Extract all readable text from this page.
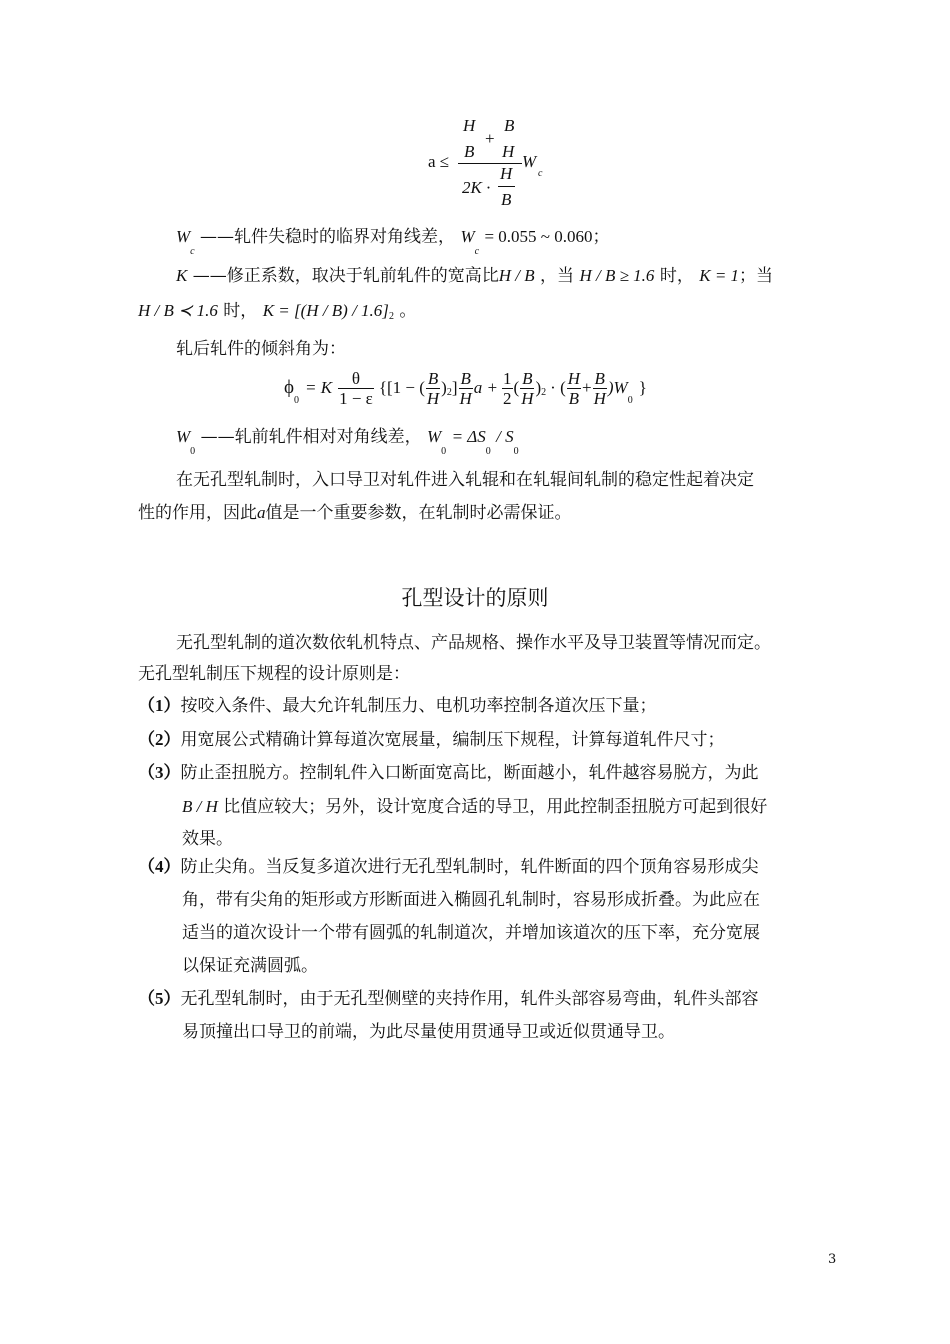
H
+
B
a ≤
B H
W
c
2K ·
H
B
$W_c$ ——轧件失稳时的临界对角线差， $W_c = 0.055$ ~ 0.060；
K ——修正系数，取决于轧前轧件的宽高比H / B ，当 H / B ≥ 1.6 时， K = 1；当
H / B ≺ 1.6 时， K = [(H / B) / 1.6]2 。
轧后轧件的倾斜角为：
ϕ
0
= K $\frac{\theta}{1 - \varepsilon} \{[1$ − ( $\frac{B}{H}$ ) 2 ] $\frac{B}{H}$ $a + \frac{1}{2}$ ( $\frac{B}{H}$ ) 2 · ( $\frac{H}{B} + \frac{B}{H} )W$
0
}
$W_0$ ——轧前轧件相对对角线差， $W_0 = \Delta S_0 / S_0$
在无孔型轧制时，入口导卫对轧件进入轧辊和在轧辊间轧制的稳定性起着决定
性的作用，因此a值是一个重要参数，在轧制时必需保证。
孔型设计的原则
无孔型轧制的道次数依轧机特点、产品规格、操作水平及导卫装置等情况而定。
无孔型轧制压下规程的设计原则是：
（1）按咬入条件、最大允许轧制压力、电机功率控制各道次压下量；
（2）用宽展公式精确计算每道次宽展量，编制压下规程，计算每道轧件尺寸；
（3）防止歪扭脱方。控制轧件入口断面宽高比，断面越小，轧件越容易脱方，为此
B / H 比值应较大；另外，设计宽度合适的导卫，用此控制歪扭脱方可起到很好
效果。
（4）防止尖角。当反复多道次进行无孔型轧制时，轧件断面的四个顶角容易形成尖
角，带有尖角的矩形或方形断面进入椭圆孔轧制时，容易形成折叠。为此应在
适当的道次设计一个带有圆弧的轧制道次，并增加该道次的压下率，充分宽展
以保证充满圆弧。
（5）无孔型轧制时，由于无孔型侧壁的夹持作用，轧件头部容易弯曲，轧件头部容
易顶撞出口导卫的前端，为此尽量使用贯通导卫或近似贯通导卫。
3
